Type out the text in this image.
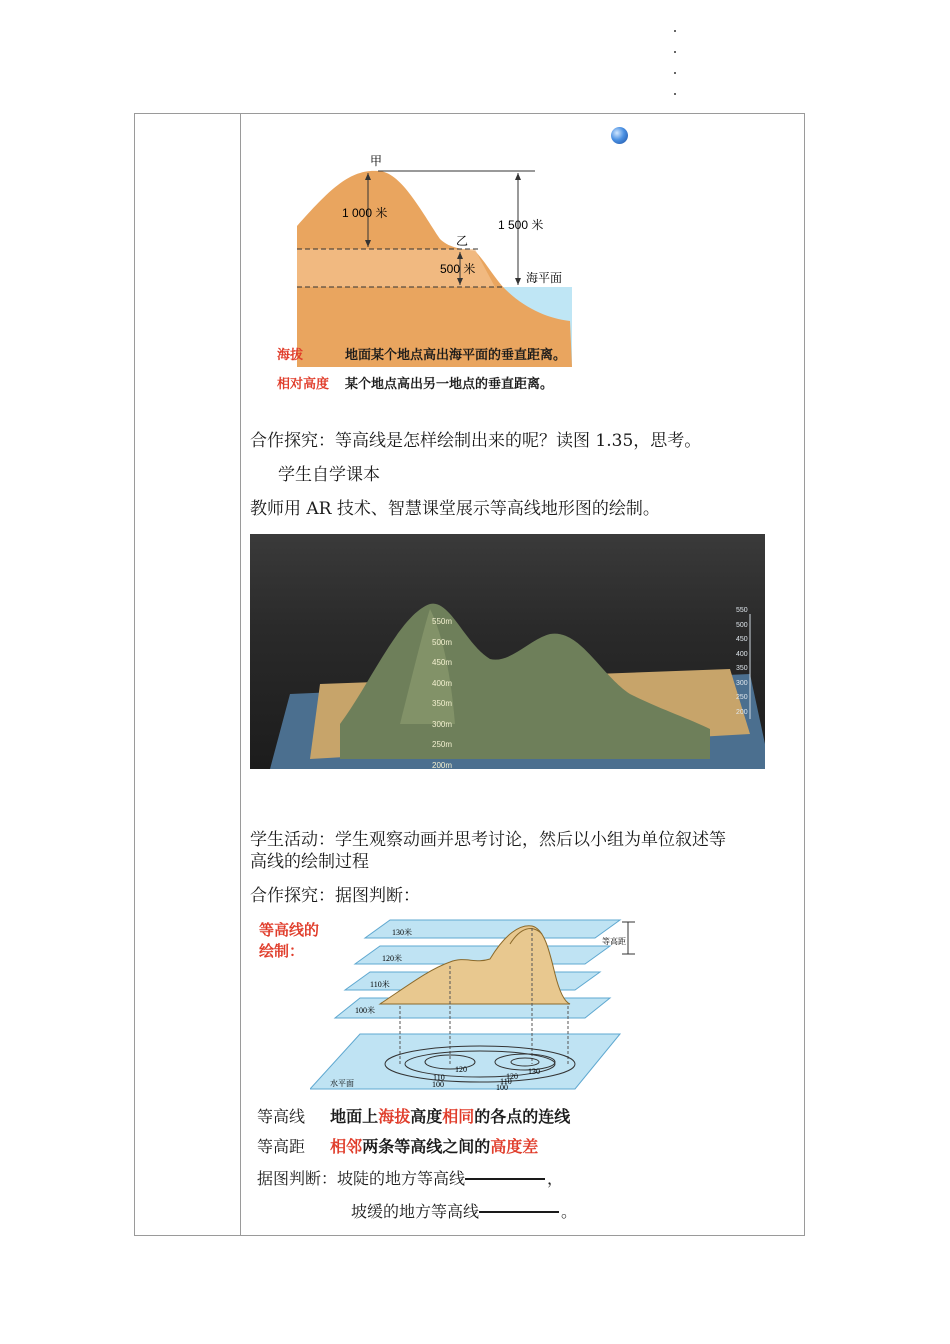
甲
1 000 米
乙
500 米
1 500 米
海平面
海拔	地面某个地点高出海平面的垂直距离。
相对高度 某个地点高出另一地点的垂直距离。
合作探究：等高线是怎样绘制出来的呢？读图 1.35，思考。
学生自学课本
教师用 AR 技术、智慧课堂展示等高线地形图的绘制。
550m
500m
450m
400m
350m
300m
250m
200m
550
500
450
400
350
300
250
200
学生活动：学生观察动画并思考讨论，然后以小组为单位叙述等
高线的绘制过程
合作探究：据图判断：
等高线的
绘制：
130米
120米
110米
100米
等高距
水平面
120
110
100
130
120
110
100
等高线 地面上海拔高度相同的各点的连线
等高距 相邻两条等高线之间的高度差
据图判断：坡陡的地方等高线	，
坡缓的地方等高线	。
